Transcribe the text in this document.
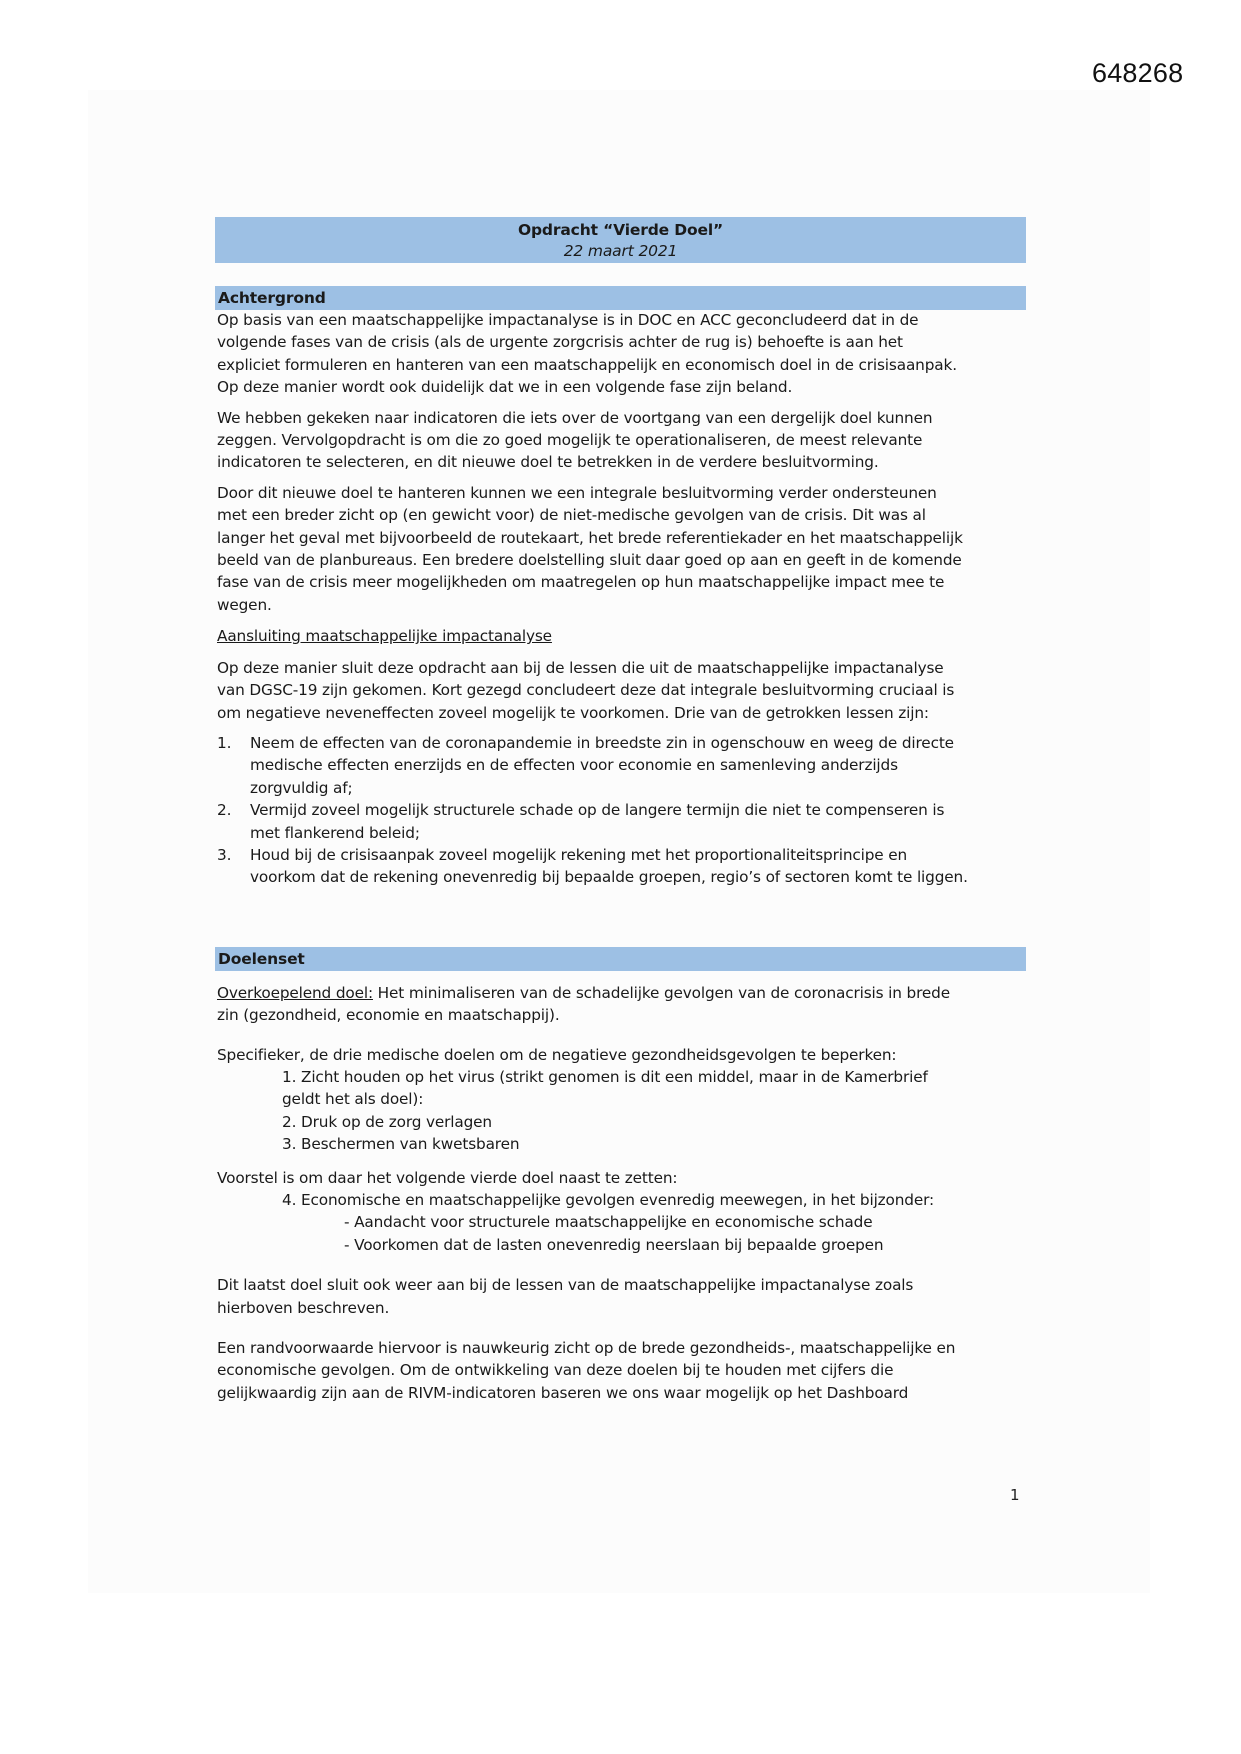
648268
Opdracht “Vierde Doel”
22 maart 2021
Achtergrond
Op basis van een maatschappelijke impactanalyse is in DOC en ACC geconcludeerd dat in de
volgende fases van de crisis (als de urgente zorgcrisis achter de rug is) behoefte is aan het
expliciet formuleren en hanteren van een maatschappelijk en economisch doel in de crisisaanpak.
Op deze manier wordt ook duidelijk dat we in een volgende fase zijn beland.
We hebben gekeken naar indicatoren die iets over de voortgang van een dergelijk doel kunnen
zeggen. Vervolgopdracht is om die zo goed mogelijk te operationaliseren, de meest relevante
indicatoren te selecteren, en dit nieuwe doel te betrekken in de verdere besluitvorming.
Door dit nieuwe doel te hanteren kunnen we een integrale besluitvorming verder ondersteunen
met een breder zicht op (en gewicht voor) de niet-medische gevolgen van de crisis. Dit was al
langer het geval met bijvoorbeeld de routekaart, het brede referentiekader en het maatschappelijk
beeld van de planbureaus. Een bredere doelstelling sluit daar goed op aan en geeft in de komende
fase van de crisis meer mogelijkheden om maatregelen op hun maatschappelijke impact mee te
wegen.
Aansluiting maatschappelijke impactanalyse
Op deze manier sluit deze opdracht aan bij de lessen die uit de maatschappelijke impactanalyse
van DGSC-19 zijn gekomen. Kort gezegd concludeert deze dat integrale besluitvorming cruciaal is
om negatieve neveneffecten zoveel mogelijk te voorkomen. Drie van de getrokken lessen zijn:
1.	Neem de effecten van de coronapandemie in breedste zin in ogenschouw en weeg de directe
medische effecten enerzijds en de effecten voor economie en samenleving anderzijds
zorgvuldig af;
2.	Vermijd zoveel mogelijk structurele schade op de langere termijn die niet te compenseren is
met flankerend beleid;
3.	Houd bij de crisisaanpak zoveel mogelijk rekening met het proportionaliteitsprincipe en
voorkom dat de rekening onevenredig bij bepaalde groepen, regio’s of sectoren komt te liggen.
Doelenset
Overkoepelend doel: Het minimaliseren van de schadelijke gevolgen van de coronacrisis in brede
zin (gezondheid, economie en maatschappij).
Specifieker, de drie medische doelen om de negatieve gezondheidsgevolgen te beperken:
1. Zicht houden op het virus (strikt genomen is dit een middel, maar in de Kamerbrief
geldt het als doel):
2. Druk op de zorg verlagen
3. Beschermen van kwetsbaren
Voorstel is om daar het volgende vierde doel naast te zetten:
4. Economische en maatschappelijke gevolgen evenredig meewegen, in het bijzonder:
- Aandacht voor structurele maatschappelijke en economische schade
- Voorkomen dat de lasten onevenredig neerslaan bij bepaalde groepen
Dit laatst doel sluit ook weer aan bij de lessen van de maatschappelijke impactanalyse zoals
hierboven beschreven.
Een randvoorwaarde hiervoor is nauwkeurig zicht op de brede gezondheids-, maatschappelijke en
economische gevolgen. Om de ontwikkeling van deze doelen bij te houden met cijfers die
gelijkwaardig zijn aan de RIVM-indicatoren baseren we ons waar mogelijk op het Dashboard
1
